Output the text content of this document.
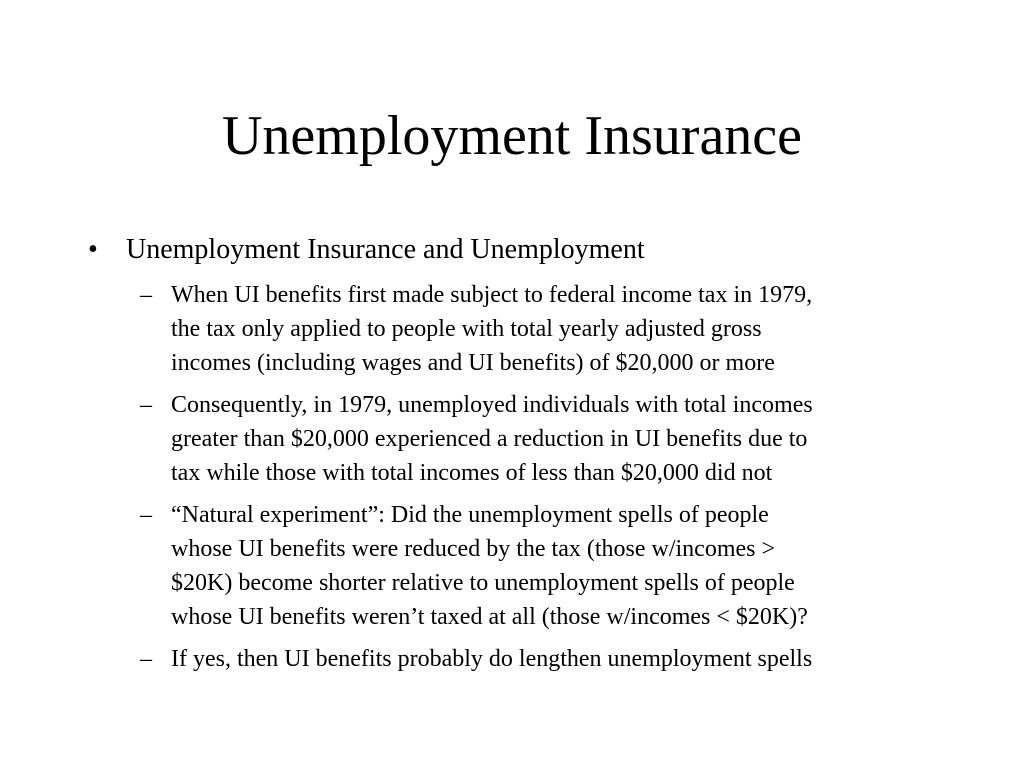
Unemployment Insurance
• Unemployment Insurance and Unemployment
– When UI benefits first made subject to federal income tax in 1979,
the tax only applied to people with total yearly adjusted gross
incomes (including wages and UI benefits) of $20,000 or more
– Consequently, in 1979, unemployed individuals with total incomes
greater than $20,000 experienced a reduction in UI benefits due to
tax while those with total incomes of less than $20,000 did not
– “Natural experiment”: Did the unemployment spells of people
whose UI benefits were reduced by the tax (those w/incomes >
$20K) become shorter relative to unemployment spells of people
whose UI benefits weren’t taxed at all (those w/incomes < $20K)?
– If yes, then UI benefits probably do lengthen unemployment spells
